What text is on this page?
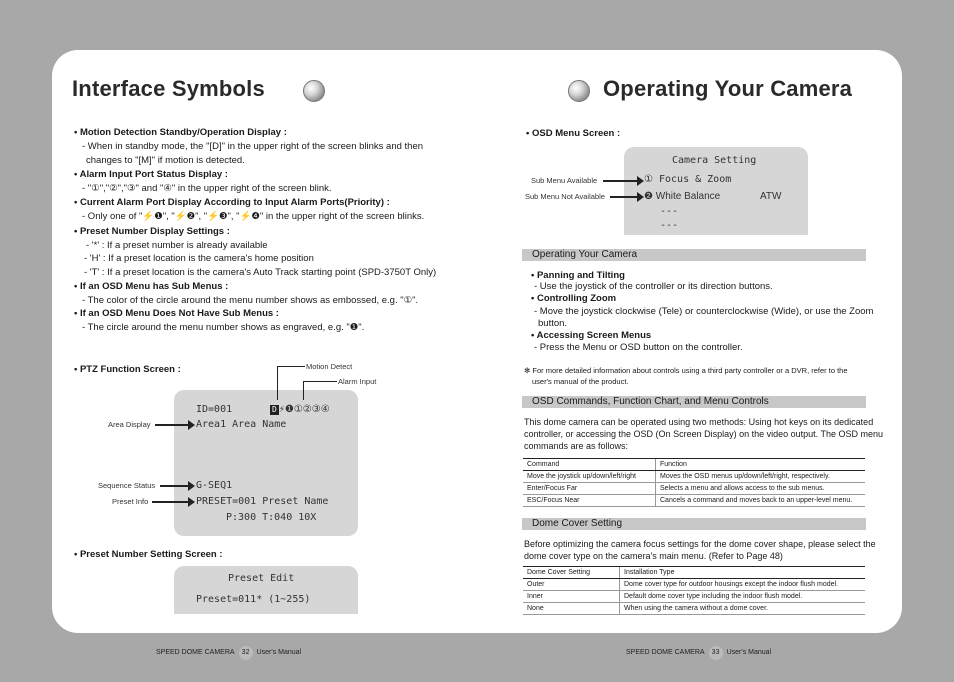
Interface Symbols
• Motion Detection Standby/Operation Display :
- When in standby mode, the "[D]" in the upper right of the screen blinks and then
changes to "[M]" if motion is detected.
• Alarm Input Port Status Display :
- "①","②","③" and "④" in the upper right of the screen blink.
• Current Alarm Port Display According to Input Alarm Ports(Priority) :
- Only one of "⚡❶", "⚡❷", "⚡❸", "⚡❹" in the upper right of the screen blinks.
• Preset Number Display Settings :
- '*' : If a preset number is already available
- 'H' : If a preset location is the camera's home position
- 'T' : If a preset location is the camera's Auto Track starting point (SPD-3750T Only)
• If an OSD Menu has Sub Menus :
- The color of the circle around the menu number shows as embossed, e.g. "①".
• If an OSD Menu Does Not Have Sub Menus :
- The circle around the menu number shows as engraved, e.g. "❶".
• PTZ Function Screen :
ID=001	D ⚡❶①②③④
Area1 Area Name
G-SEQ1
PRESET=001 Preset Name
P:300 T:040 10X
Motion Detect
Alarm Input
Area Display
Sequence Status
Preset Info
• Preset Number Setting Screen :
Preset Edit
Preset=011* (1~255)
SPEED DOME CAMERA 32 User's Manual
Operating Your Camera
• OSD Menu Screen :
Camera Setting
① Focus & Zoom
❷ White Balance	ATW
---
---
Sub Menu Available
Sub Menu Not Available
Operating Your Camera
• Panning and Tilting
- Use the joystick of the controller or its direction buttons.
• Controlling Zoom
- Move the joystick clockwise (Tele) or counterclockwise (Wide), or use the Zoom
button.
• Accessing Screen Menus
- Press the Menu or OSD button on the controller.
✻ For more detailed information about controls using a third party controller or a DVR, refer to the
user's manual of the product.
OSD Commands, Function Chart, and Menu Controls
This dome camera can be operated using two methods: Using hot keys on its dedicated
controller, or accessing the OSD (On Screen Display) on the video output. The OSD menu
commands are as follows:
Command	Function
Move the joystick up/down/left/right	Moves the OSD menus up/down/left/right, respectively.
Enter/Focus Far	Selects a menu and allows access to the sub menus.
ESC/Focus Near	Cancels a command and moves back to an upper-level menu.
Dome Cover Setting
Before optimizing the camera focus settings for the dome cover shape, please select the
dome cover type on the camera's main menu. (Refer to Page 48)
Dome Cover Setting	Installation Type
Outer	Dome cover type for outdoor housings except the indoor flush model.
Inner	Default dome cover type including the indoor flush model.
None	When using the camera without a dome cover.
SPEED DOME CAMERA 33 User's Manual
